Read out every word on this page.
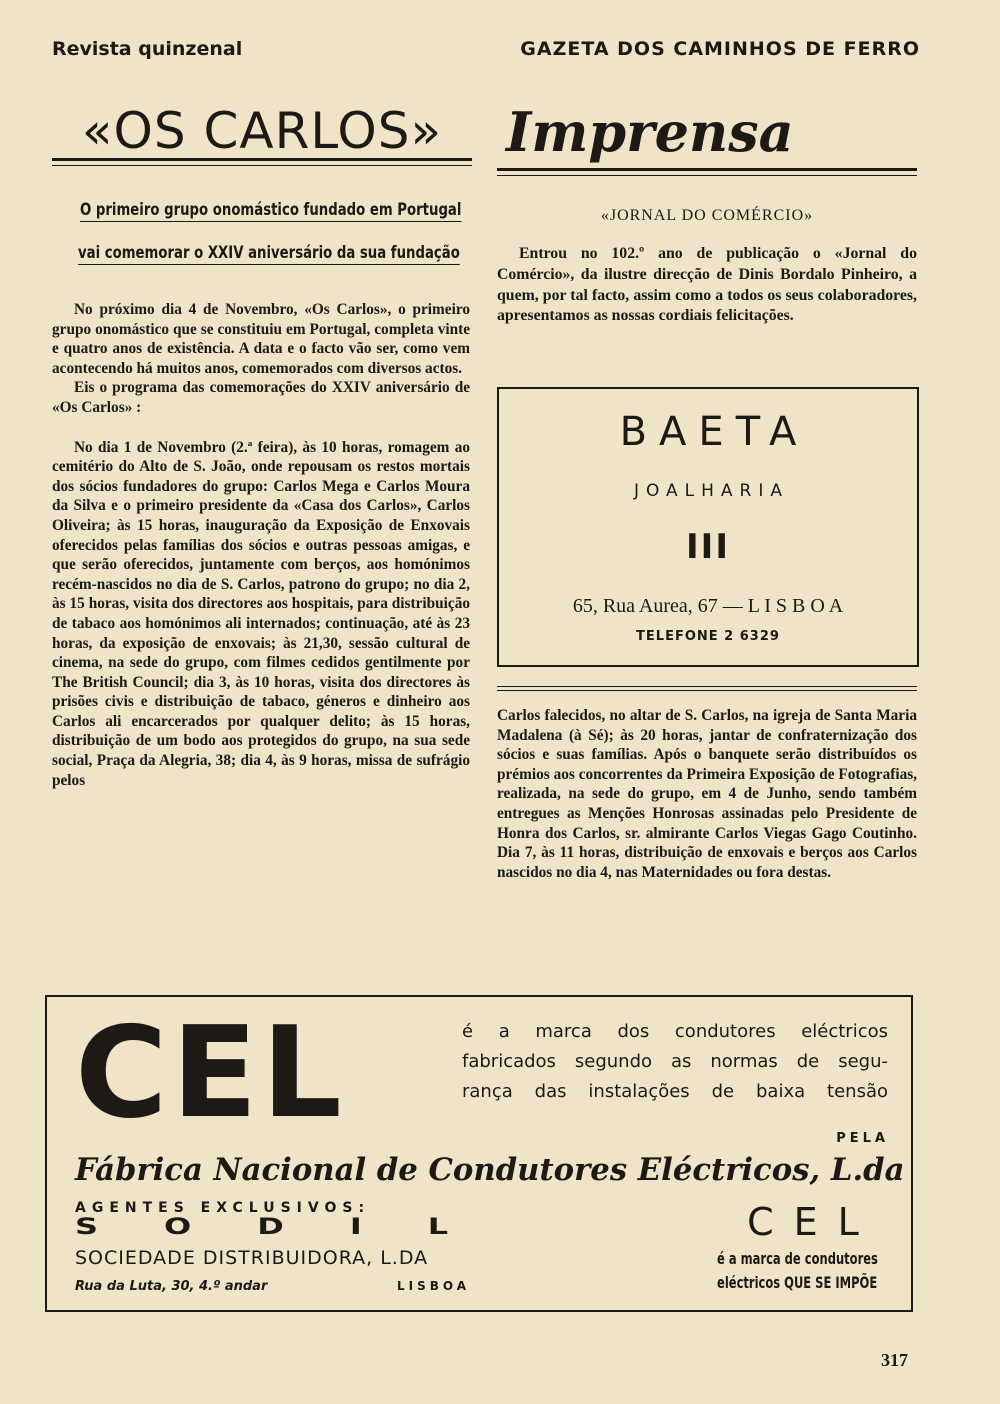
Revista quinzenal	GAZETA DOS CAMINHOS DE FERRO
«OS CARLOS»
O primeiro grupo onomástico fundado em Portugal
vai comemorar o XXIV aniversário da sua fundação

No próximo dia 4 de Novembro, «Os Carlos», o primeiro grupo onomástico que se constituiu em Portugal, completa vinte e quatro anos de existência. A data e o facto vão ser, como vem acontecendo há muitos anos, comemorados com diversos actos.

Eis o programa das comemorações do XXIV aniversário de «Os Carlos» :

No dia 1 de Novembro (2.ª feira), às 10 horas, romagem ao cemitério do Alto de S. João, onde repousam os restos mortais dos sócios fundadores do grupo: Carlos Mega e Carlos Moura da Silva e o primeiro presidente da «Casa dos Carlos», Carlos Oliveira; às 15 horas, inauguração da Exposição de Enxovais oferecidos pelas famílias dos sócios e outras pessoas amigas, e que serão oferecidos, juntamente com berços, aos homónimos recém-nascidos no dia de S. Carlos, patrono do grupo; no dia 2, às 15 horas, visita dos directores aos hospitais, para distribuição de tabaco aos homónimos ali internados; continuação, até às 23 horas, da exposição de enxovais; às 21,30, sessão cultural de cinema, na sede do grupo, com filmes cedidos gentilmente por The British Council; dia 3, às 10 horas, visita dos directores às prisões civis e distribuição de tabaco, géneros e dinheiro aos Carlos ali encarcerados por qualquer delito; às 15 horas, distribuição de um bodo aos protegidos do grupo, na sua sede social, Praça da Alegria, 38; dia 4, às 9 horas, missa de sufrágio pelos

Imprensa
«JORNAL DO COMÉRCIO»

Entrou no 102.º ano de publicação o «Jornal do Comércio», da ilustre direcção de Dinis Bordalo Pinheiro, a quem, por tal facto, assim como a todos os seus colaboradores, apresentamos as nossas cordiais felicitações.

BAETA
JOALHARIA
III
65, Rua Aurea, 67 — L I S B O A
TELEFONE 2 6329

Carlos falecidos, no altar de S. Carlos, na igreja de Santa Maria Madalena (à Sé); às 20 horas, jantar de confraternização dos sócios e suas famílias. Após o banquete serão distribuídos os prémios aos concorrentes da Primeira Exposição de Fotografias, realizada, na sede do grupo, em 4 de Junho, sendo também entregues as Menções Honrosas assinadas pelo Presidente de Honra dos Carlos, sr. almirante Carlos Viegas Gago Coutinho. Dia 7, às 11 horas, distribuição de enxovais e berços aos Carlos nascidos no dia 4, nas Maternidades ou fora destas.

CEL	é a marca dos condutores eléctricos
fabricados segundo as normas de segu-
rança das instalações de baixa tensão
PELA
Fábrica Nacional de Condutores Eléctricos, L.da
AGENTES EXCLUSIVOS:
SODIL
SOCIEDADE DISTRIBUIDORA, L.DA
Rua da Luta, 30, 4.º andar	LISBOA
CEL
é a marca de condutores
eléctricos QUE SE IMPÕE
317
